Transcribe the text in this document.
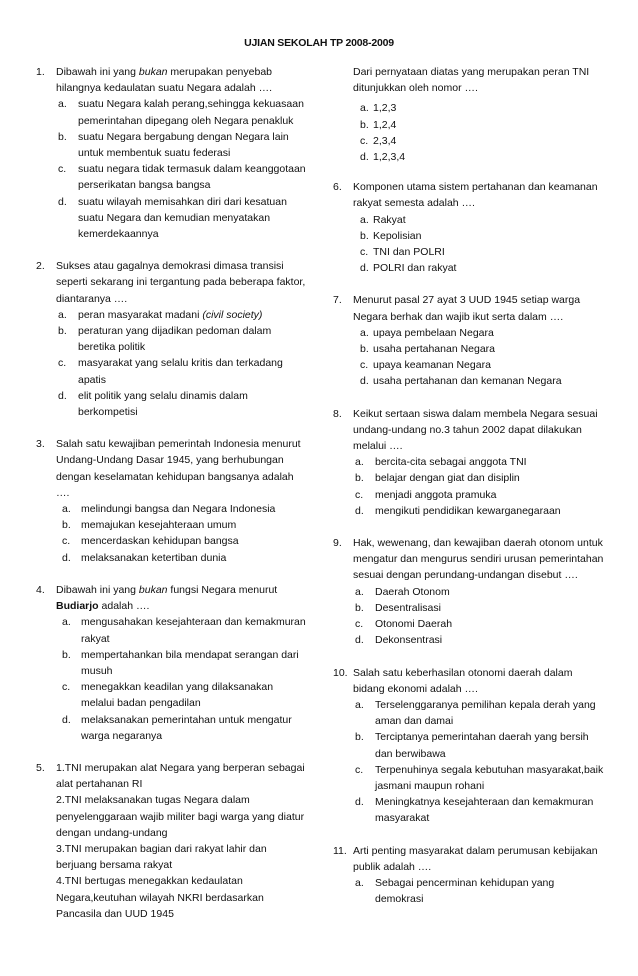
UJIAN SEKOLAH TP 2008-2009
1.	Dibawah ini yang bukan merupakan penyebab hilangnya kedaulatan suatu Negara adalah ….
a. suatu Negara kalah perang,sehingga kekuasaan pemerintahan dipegang oleh Negara penakluk
b. suatu Negara bergabung dengan Negara lain untuk membentuk suatu federasi
c. suatu negara tidak termasuk dalam keanggotaan perserikatan bangsa bangsa
d. suatu wilayah memisahkan diri dari kesatuan suatu Negara dan kemudian menyatakan kemerdekaannya
2.	Sukses atau gagalnya demokrasi dimasa transisi seperti sekarang ini tergantung pada beberapa faktor, diantaranya ….
a. peran masyarakat madani (civil society)
b. peraturan yang dijadikan pedoman dalam beretika politik
c. masyarakat yang selalu kritis dan terkadang apatis
d. elit politik yang selalu dinamis dalam berkompetisi
3.	Salah satu kewajiban pemerintah Indonesia menurut Undang-Undang Dasar 1945, yang berhubungan dengan keselamatan kehidupan bangsanya adalah ….
a. melindungi bangsa dan Negara Indonesia
b. memajukan kesejahteraan umum
c. mencerdaskan kehidupan bangsa
d. melaksanakan ketertiban dunia
4.	Dibawah ini yang bukan fungsi Negara menurut Budiarjo adalah ….
a. mengusahakan kesejahteraan dan kemakmuran rakyat
b. mempertahankan bila mendapat serangan dari musuh
c. menegakkan keadilan yang dilaksanakan melalui badan pengadilan
d. melaksanakan pemerintahan untuk mengatur warga negaranya
5.	1.TNI merupakan alat Negara yang berperan sebagai alat pertahanan RI
2.TNI melaksanakan tugas Negara dalam penyelenggaraan wajib militer bagi warga yang diatur dengan undang-undang
3.TNI merupakan bagian dari rakyat lahir dan berjuang bersama rakyat
4.TNI bertugas menegakkan kedaulatan Negara,keutuhan wilayah NKRI berdasarkan Pancasila dan UUD 1945
Dari pernyataan diatas yang merupakan peran TNI ditunjukkan oleh nomor ….
a. 1,2,3
b. 1,2,4
c. 2,3,4
d. 1,2,3,4
6.	Komponen utama sistem pertahanan dan keamanan rakyat semesta adalah ….
a. Rakyat
b. Kepolisian
c. TNI dan POLRI
d. POLRI dan rakyat
7.	Menurut pasal 27 ayat 3 UUD 1945 setiap warga Negara berhak dan wajib ikut serta dalam ….
a. upaya pembelaan Negara
b. usaha pertahanan Negara
c. upaya keamanan Negara
d. usaha pertahanan dan kemanan Negara
8.	Keikut sertaan siswa dalam membela Negara sesuai undang-undang no.3 tahun 2002 dapat dilakukan melalui ….
a. bercita-cita sebagai anggota TNI
b. belajar dengan giat dan disiplin
c. menjadi anggota pramuka
d. mengikuti pendidikan kewarganegaraan
9.	Hak, wewenang, dan kewajiban daerah otonom untuk mengatur dan mengurus sendiri urusan pemerintahan sesuai dengan perundang-undangan disebut ….
a. Daerah Otonom
b. Desentralisasi
c. Otonomi Daerah
d. Dekonsentrasi
10. Salah satu keberhasilan otonomi daerah dalam bidang ekonomi adalah ….
a. Terselenggaranya pemilihan kepala derah yang aman dan damai
b. Terciptanya pemerintahan daerah yang bersih dan berwibawa
c. Terpenuhinya segala kebutuhan masyarakat,baik jasmani maupun rohani
d. Meningkatnya kesejahteraan dan kemakmuran masyarakat
11. Arti penting masyarakat dalam perumusan kebijakan publik adalah ….
a. Sebagai pencerminan kehidupan yang demokrasi
